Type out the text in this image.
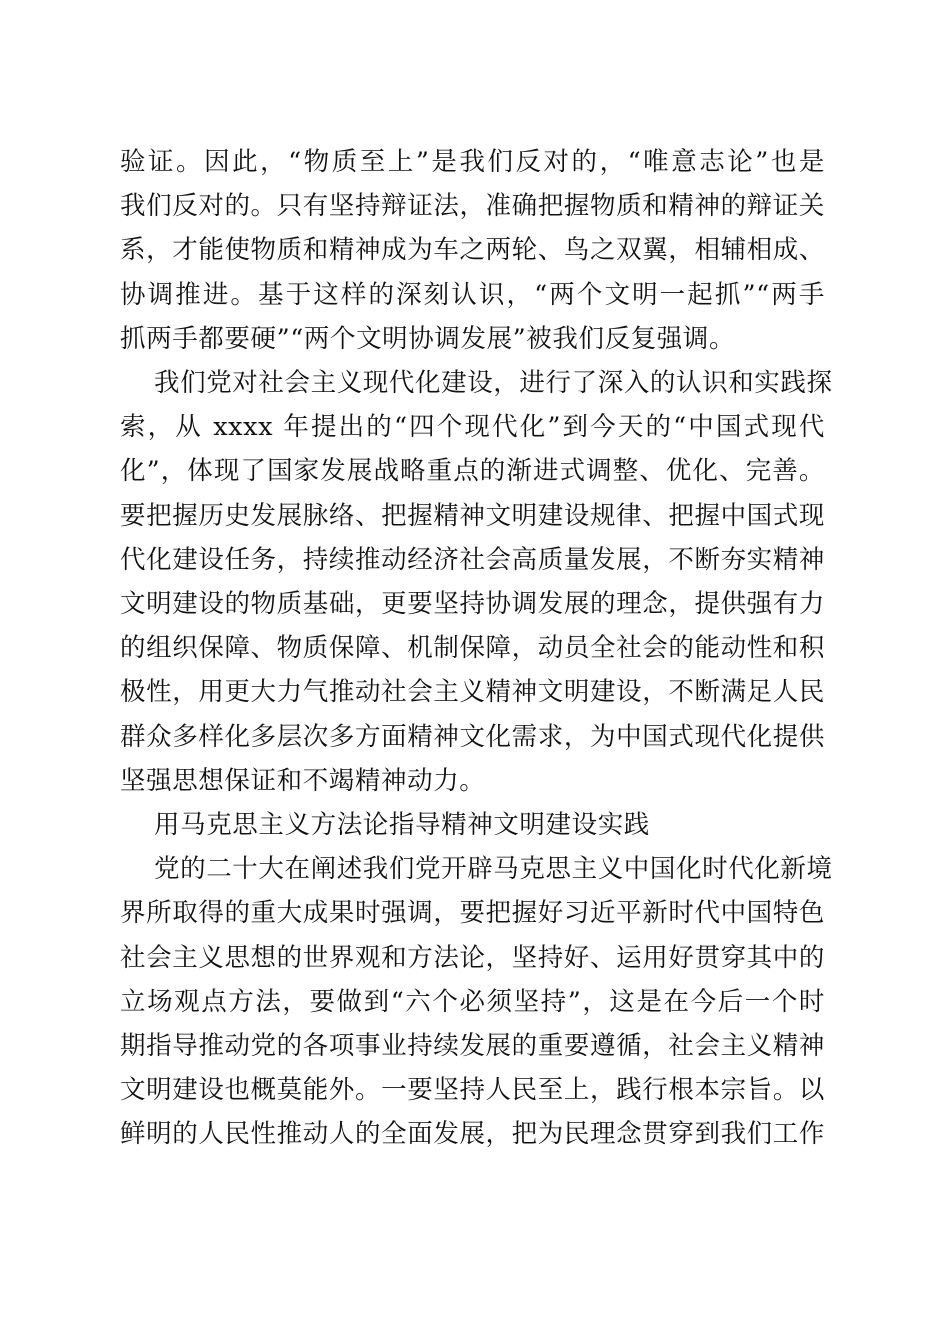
验证。因此，“物质至上”是我们反对的，“唯意志论”也是
我们反对的。只有坚持辩证法，准确把握物质和精神的辩证关
系，才能使物质和精神成为车之两轮、鸟之双翼，相辅相成、
协调推进。基于这样的深刻认识，“两个文明一起抓”“两手
抓两手都要硬”“两个文明协调发展”被我们反复强调。
我们党对社会主义现代化建设，进行了深入的认识和实践探
索，从 xxxx 年提出的“四个现代化”到今天的“中国式现代
化”，体现了国家发展战略重点的渐进式调整、优化、完善。
要把握历史发展脉络、把握精神文明建设规律、把握中国式现
代化建设任务，持续推动经济社会高质量发展，不断夯实精神
文明建设的物质基础，更要坚持协调发展的理念，提供强有力
的组织保障、物质保障、机制保障，动员全社会的能动性和积
极性，用更大力气推动社会主义精神文明建设，不断满足人民
群众多样化多层次多方面精神文化需求，为中国式现代化提供
坚强思想保证和不竭精神动力。
用马克思主义方法论指导精神文明建设实践
党的二十大在阐述我们党开辟马克思主义中国化时代化新境
界所取得的重大成果时强调，要把握好习近平新时代中国特色
社会主义思想的世界观和方法论，坚持好、运用好贯穿其中的
立场观点方法，要做到“六个必须坚持”，这是在今后一个时
期指导推动党的各项事业持续发展的重要遵循，社会主义精神
文明建设也概莫能外。一要坚持人民至上，践行根本宗旨。以
鲜明的人民性推动人的全面发展，把为民理念贯穿到我们工作
